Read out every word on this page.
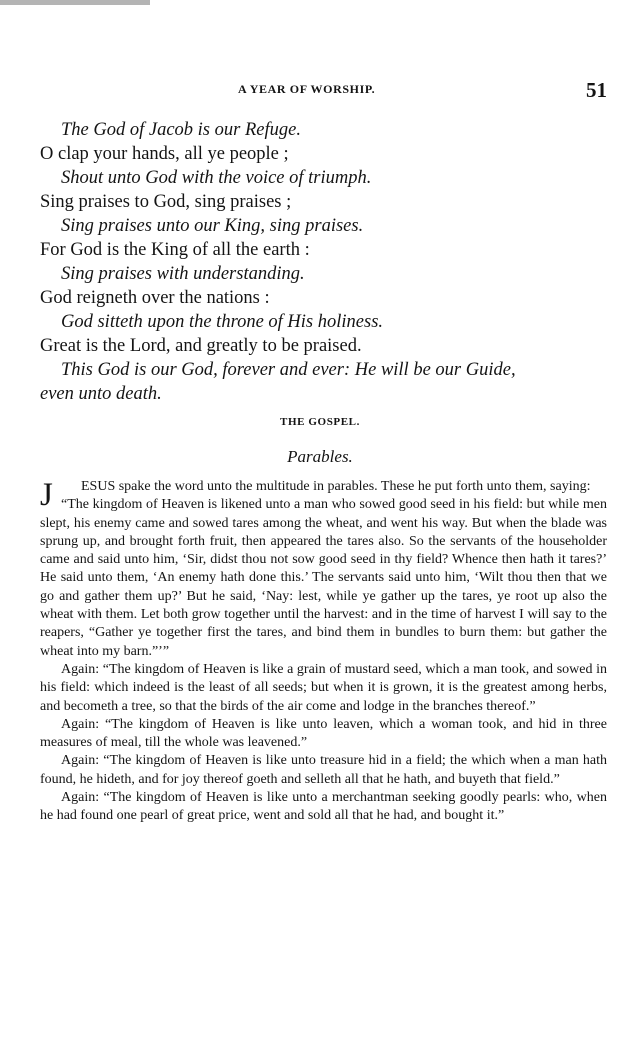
A YEAR OF WORSHIP.	51
The God of Jacob is our Refuge.
O clap your hands, all ye people ;
Shout unto God with the voice of triumph.
Sing praises to God, sing praises ;
Sing praises unto our King, sing praises.
For God is the King of all the earth :
Sing praises with understanding.
God reigneth over the nations :
God sitteth upon the throne of His holiness.
Great is the Lord, and greatly to be praised.
This God is our God, forever and ever: He will be our Guide,
even unto death.
THE GOSPEL.
Parables.

J ESUS spake the word unto the multitude in parables. These he put forth unto them, saying:
“The kingdom of Heaven is likened unto a man who sowed good seed in his field: but while men slept, his enemy came and sowed tares among the wheat, and went his way. But when the blade was sprung up, and brought forth fruit, then appeared the tares also. So the servants of the householder came and said unto him, ‘Sir, didst thou not sow good seed in thy field? Whence then hath it tares?’ He said unto them, ‘An enemy hath done this.’ The servants said unto him, ‘Wilt thou then that we go and gather them up?’ But he said, ‘Nay: lest, while ye gather up the tares, ye root up also the wheat with them. Let both grow together until the harvest: and in the time of harvest I will say to the reapers, “Gather ye together first the tares, and bind them in bundles to burn them: but gather the wheat into my barn.”’”

Again: “The kingdom of Heaven is like a grain of mustard seed, which a man took, and sowed in his field: which indeed is the least of all seeds; but when it is grown, it is the greatest among herbs, and becometh a tree, so that the birds of the air come and lodge in the branches thereof.”

Again: “The kingdom of Heaven is like unto leaven, which a woman took, and hid in three measures of meal, till the whole was leavened.”

Again: “The kingdom of Heaven is like unto treasure hid in a field; the which when a man hath found, he hideth, and for joy thereof goeth and selleth all that he hath, and buyeth that field.”

Again: “The kingdom of Heaven is like unto a merchantman seeking goodly pearls: who, when he had found one pearl of great price, went and sold all that he had, and bought it.”
